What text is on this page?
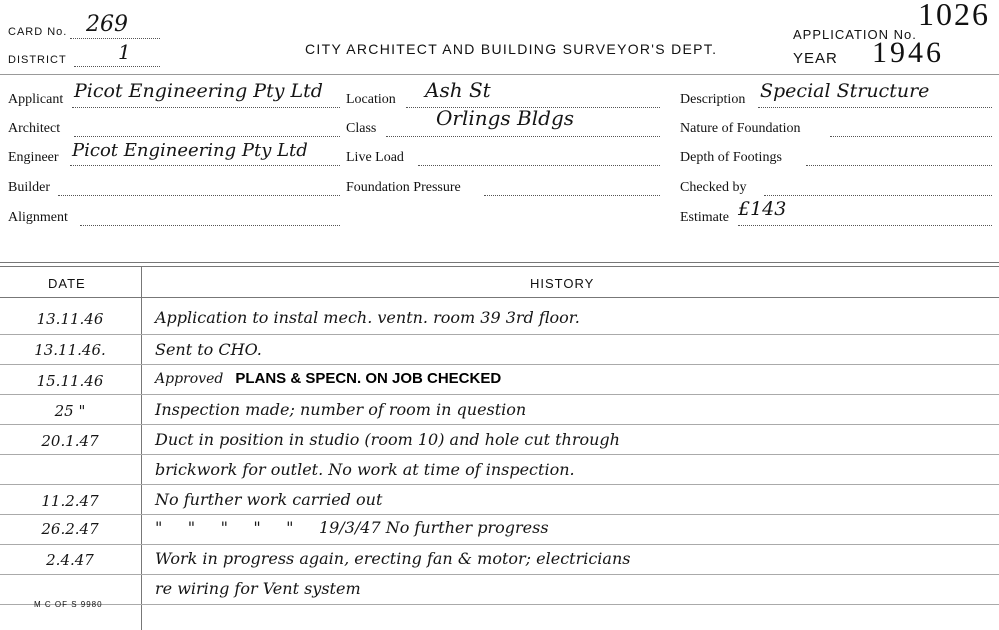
CARD No. 269
DISTRICT	1	CITY ARCHITECT AND BUILDING SURVEYOR'S DEPT.
APPLICATION No.
1026
YEAR 1946
Applicant Picot Engineering Pty Ltd
Architect
Engineer Picot Engineering Pty Ltd
Builder
Alignment
Location Ash St
Class	Orlings Bldgs
Live Load
Foundation Pressure
Description Special Structure
Nature of Foundation
Depth of Footings
Checked by
Estimate £143
DATE	HISTORY
13.11.46	Application to instal mech. ventn. room 39 3rd floor.
13.11.46.	Sent to CHO.
15.11.46	Approved PLANS & SPECN. ON JOB CHECKED
25 "	Inspection made; number of room in question
20.1.47	Duct in position in studio (room 10) and hole cut through
brickwork for outlet. No work at time of inspection.
11.2.47	No further work carried out
26.2.47	"     "     "     "     "     19/3/47 No further progress
2.4.47	Work in progress again, erecting fan & motor; electricians
re wiring for Vent system
M C OF S 9980
